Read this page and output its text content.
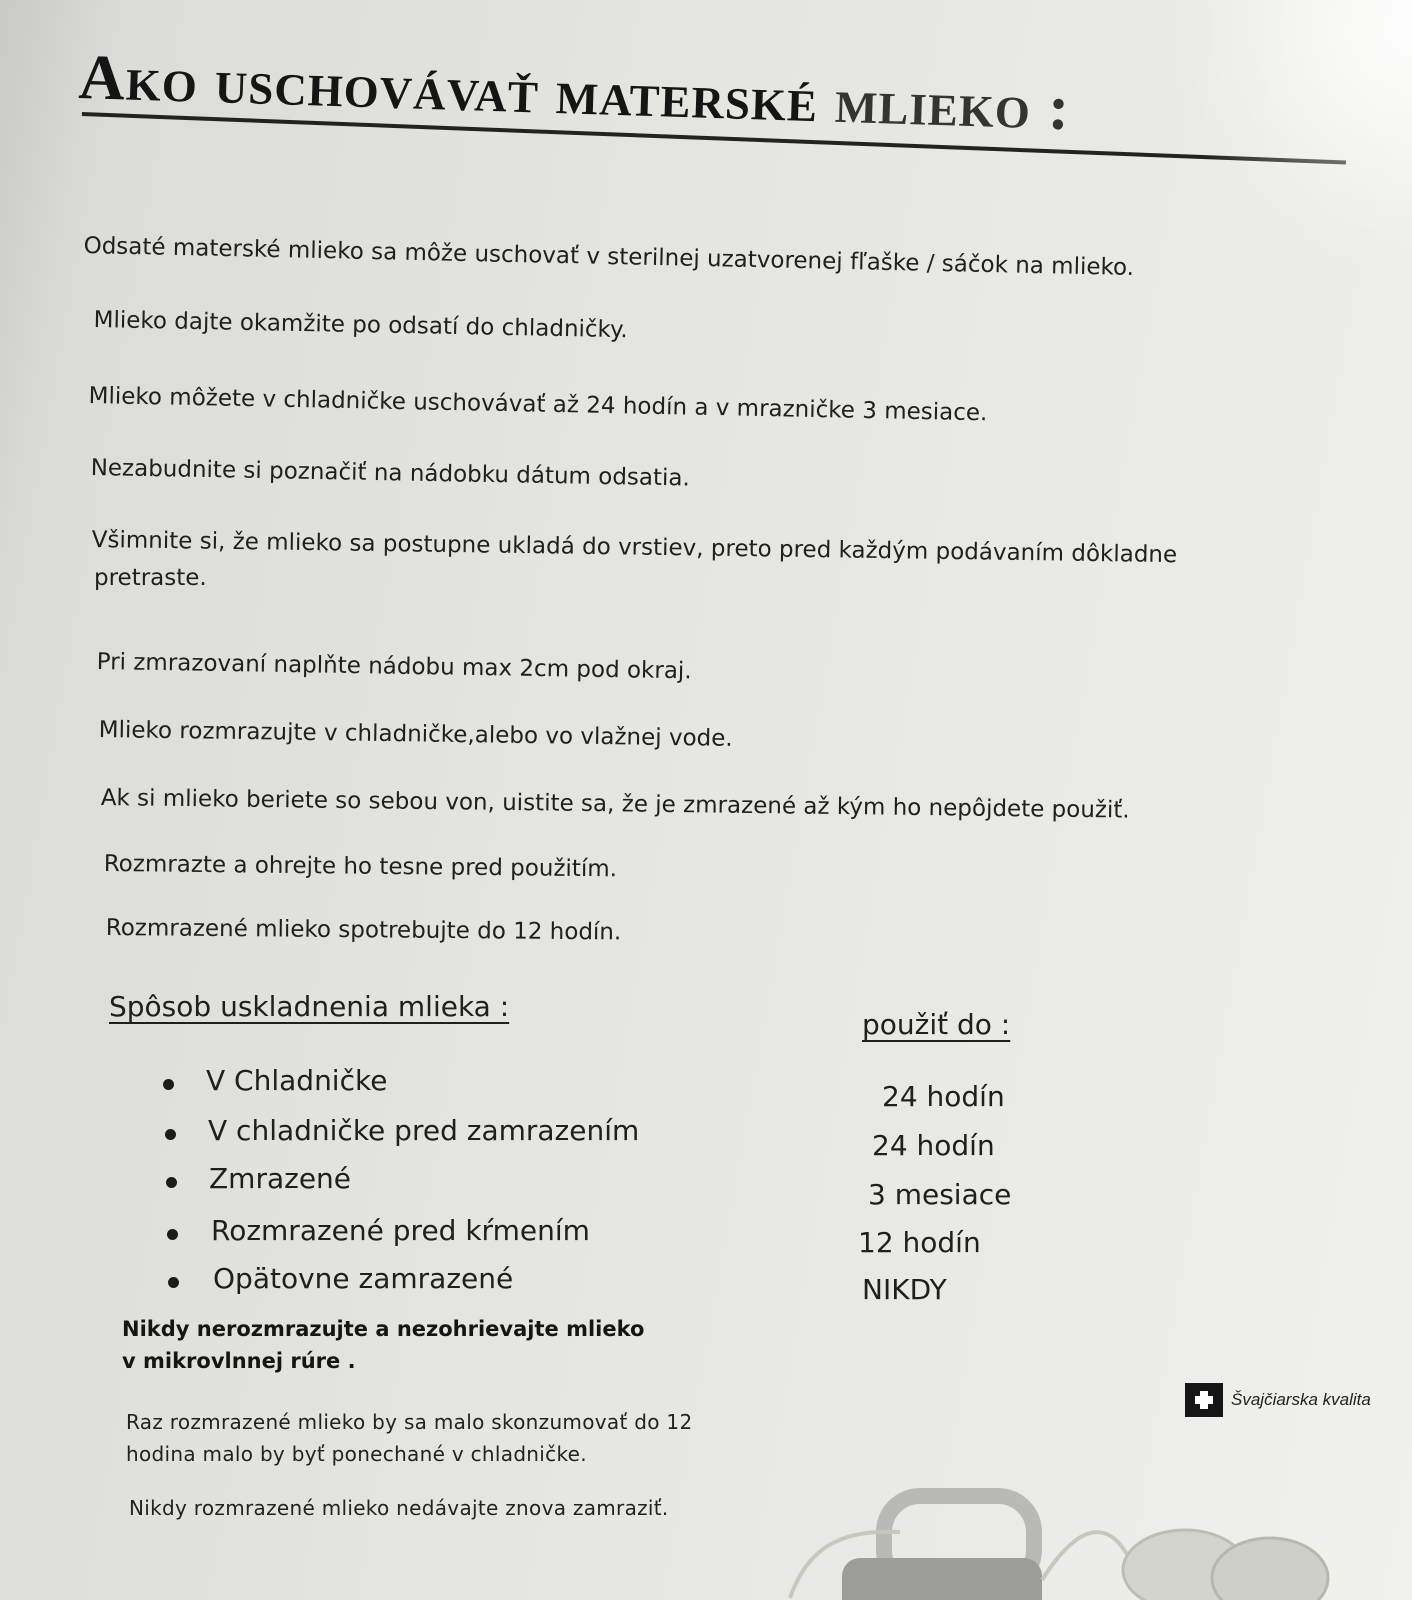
Ako uschovávať materské mlieko :
Odsaté materské mlieko sa môže uschovať v sterilnej uzatvorenej fľaške / sáčok na mlieko.
Mlieko dajte okamžite po odsatí do chladničky.
Mlieko môžete v chladničke uschovávať až 24 hodín a v mrazničke 3 mesiace.
Nezabudnite si poznačiť na nádobku dátum odsatia.
Všimnite si, že mlieko sa postupne ukladá do vrstiev, preto pred každým podávaním dôkladne
pretraste.
Pri zmrazovaní naplňte nádobu max 2cm pod okraj.
Mlieko rozmrazujte v chladničke,alebo vo vlažnej vode.
Ak si mlieko beriete so sebou von, uistite sa, že je zmrazené až kým ho nepôjdete použiť.
Rozmrazte a ohrejte ho tesne pred použitím.
Rozmrazené mlieko spotrebujte do 12 hodín.
Spôsob uskladnenia mlieka :
použiť do :
V Chladničke	24 hodín
V chladničke pred zamrazením	24 hodín
Zmrazené	3 mesiace
Rozmrazené pred kŕmením	12 hodín
Opätovne zamrazené	NIKDY
Nikdy nerozmrazujte a nezohrievajte mlieko
v mikrovlnnej rúre .
Raz rozmrazené mlieko by sa malo skonzumovať do 12
hodina malo by byť ponechané v chladničke.
Nikdy rozmrazené mlieko nedávajte znova zamraziť.
Švajčiarska kvalita
